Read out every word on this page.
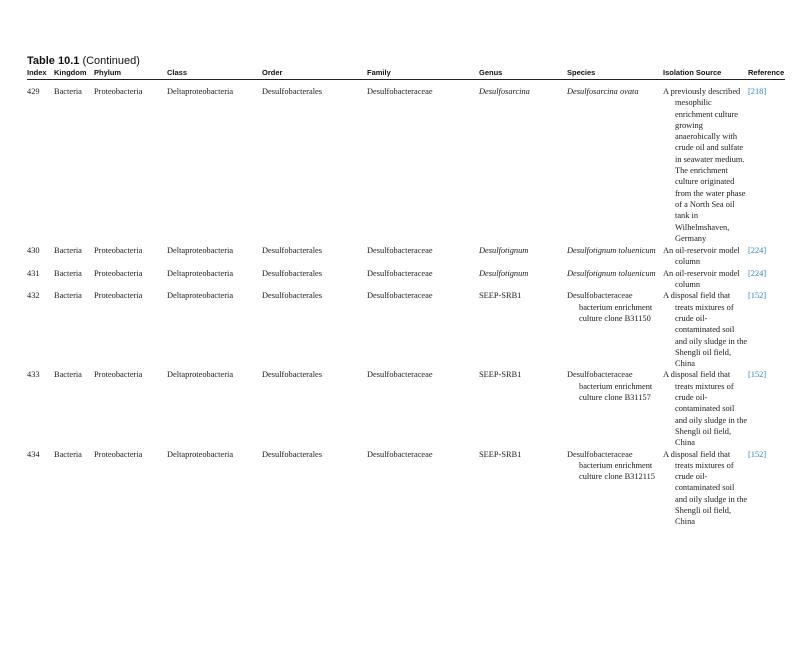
Table 10.1 (Continued)
Index	Kingdom	Phylum	Class	Order	Family	Genus	Species	Isolation Source	Reference
429	Bacteria	Proteobacteria	Deltaproteobacteria	Desulfobacterales	Desulfobacteraceae	Desulfosarcina	Desulfosarcina ovata	A previously described mesophilic enrichment culture growing anaerobically with crude oil and sulfate in seawater medium. The enrichment culture originated from the water phase of a North Sea oil tank in Wilhelmshaven, Germany	[218]
430	Bacteria	Proteobacteria	Deltaproteobacteria	Desulfobacterales	Desulfobacteraceae	Desulfotignum	Desulfotignum toluenicum	An oil-reservoir model column	[224]
431	Bacteria	Proteobacteria	Deltaproteobacteria	Desulfobacterales	Desulfobacteraceae	Desulfotignum	Desulfotignum toluenicum	An oil-reservoir model column	[224]
432	Bacteria	Proteobacteria	Deltaproteobacteria	Desulfobacterales	Desulfobacteraceae	SEEP-SRB1	Desulfobacteraceae bacterium enrichment culture clone B31150	A disposal field that treats mixtures of crude oil-contaminated soil and oily sludge in the Shengli oil field, China	[152]
433	Bacteria	Proteobacteria	Deltaproteobacteria	Desulfobacterales	Desulfobacteraceae	SEEP-SRB1	Desulfobacteraceae bacterium enrichment culture clone B31157	A disposal field that treats mixtures of crude oil-contaminated soil and oily sludge in the Shengli oil field, China	[152]
434	Bacteria	Proteobacteria	Deltaproteobacteria	Desulfobacterales	Desulfobacteraceae	SEEP-SRB1	Desulfobacteraceae bacterium enrichment culture clone B312115	A disposal field that treats mixtures of crude oil-contaminated soil and oily sludge in the Shengli oil field, China	[152]
